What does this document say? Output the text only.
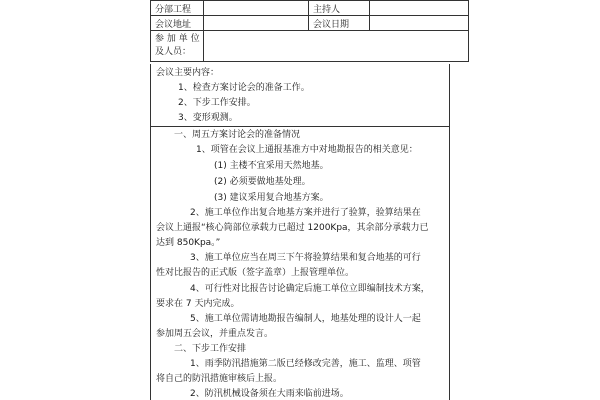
分部工程		主持人	
会议地址		会议日期	

参 加 单 位
及人员：			

会议主要内容：
1、检查方案讨论会的准备工作。
2、下步工作安排。
3、变形观测。
一、周五方案讨论会的准备情况
1、项管在会议上通报基准方中对地勘报告的相关意见：
(1) 主楼不宜采用天然地基。
(2) 必须要做地基处理。
(3) 建议采用复合地基方案。
2、施工单位作出复合地基方案并进行了验算，验算结果在
会议上通报“核心筒部位承载力已超过 1200Kpa，其余部分承载力已
达到 850Kpa。”
3、施工单位应当在周三下午将验算结果和复合地基的可行
性对比报告的正式版（签字盖章）上报管理单位。
4、可行性对比报告讨论确定后施工单位立即编制技术方案，
要求在 7 天内完成。
5、施工单位需请地勘报告编制人，地基处理的设计人一起
参加周五会议，并重点发言。
二、下步工作安排
1、雨季防汛措施第二版已经修改完善，施工、监理、项管
将自己的防汛措施审核后上报。
2、防汛机械设备须在大雨来临前进场。
